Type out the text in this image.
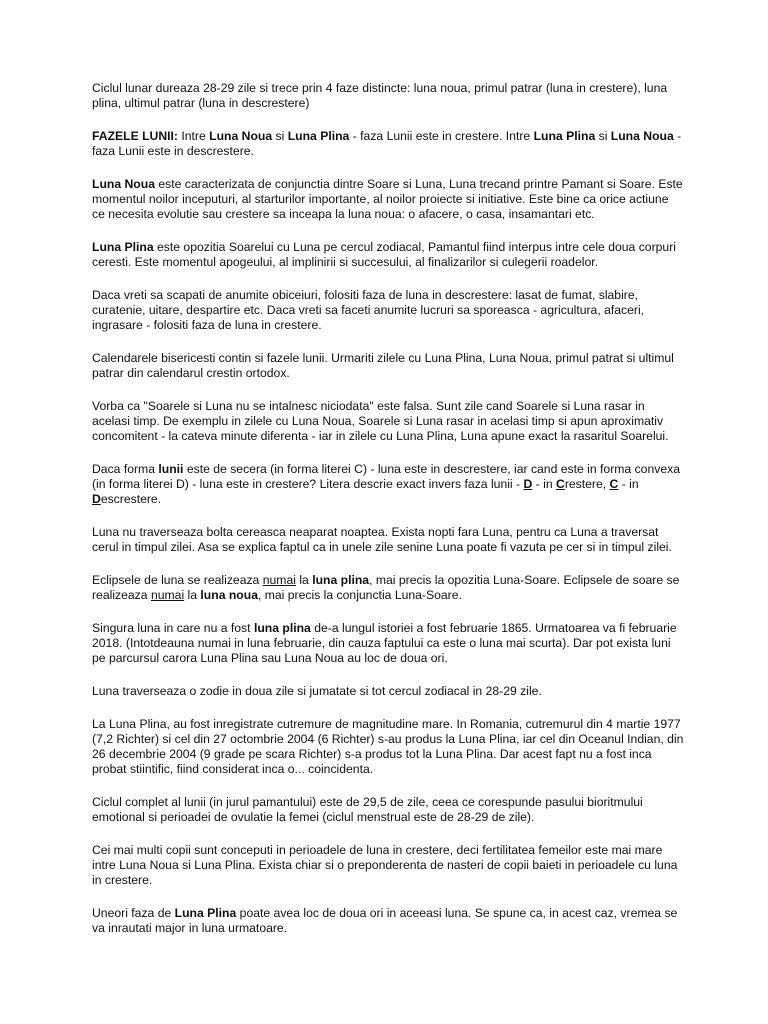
Ciclul lunar dureaza 28-29 zile si trece prin 4 faze distincte: luna noua, primul patrar (luna in crestere), luna plina, ultimul patrar (luna in descrestere)

FAZELE LUNII: Intre Luna Noua si Luna Plina - faza Lunii este in crestere. Intre Luna Plina si Luna Noua - faza Lunii este in descrestere.

Luna Noua este caracterizata de conjunctia dintre Soare si Luna, Luna trecand printre Pamant si Soare. Este momentul noilor inceputuri, al starturilor importante, al noilor proiecte si initiative. Este bine ca orice actiune ce necesita evolutie sau crestere sa inceapa la luna noua: o afacere, o casa, insamantari etc.

Luna Plina este opozitia Soarelui cu Luna pe cercul zodiacal, Pamantul fiind interpus intre cele doua corpuri ceresti. Este momentul apogeului, al implinirii si succesului, al finalizarilor si culegerii roadelor.

Daca vreti sa scapati de anumite obiceiuri, folositi faza de luna in descrestere: lasat de fumat, slabire, curatenie, uitare, despartire etc. Daca vreti sa faceti anumite lucruri sa sporeasca - agricultura, afaceri, ingrasare - folositi faza de luna in crestere.

Calendarele bisericesti contin si fazele lunii. Urmariti zilele cu Luna Plina, Luna Noua, primul patrat si ultimul patrar din calendarul crestin ortodox.

Vorba ca "Soarele si Luna nu se intalnesc niciodata" este falsa. Sunt zile cand Soarele si Luna rasar in acelasi timp. De exemplu in zilele cu Luna Noua, Soarele si Luna rasar in acelasi timp si apun aproximativ concomitent - la cateva minute diferenta - iar in zilele cu Luna Plina, Luna apune exact la rasaritul Soarelui.

Daca forma lunii este de secera (in forma literei C) - luna este in descrestere, iar cand este in forma convexa (in forma literei D) - luna este in crestere? Litera descrie exact invers faza lunii - D - in Crestere, C - in Descrestere.

Luna nu traverseaza bolta cereasca neaparat noaptea. Exista nopti fara Luna, pentru ca Luna a traversat cerul in timpul zilei. Asa se explica faptul ca in unele zile senine Luna poate fi vazuta pe cer si in timpul zilei.

Eclipsele de luna se realizeaza numai la luna plina, mai precis la opozitia Luna-Soare. Eclipsele de soare se realizeaza numai la luna noua, mai precis la conjunctia Luna-Soare.

Singura luna in care nu a fost luna plina de-a lungul istoriei a fost februarie 1865. Urmatoarea va fi februarie 2018. (Intotdeauna numai in luna februarie, din cauza faptului ca este o luna mai scurta). Dar pot exista luni pe parcursul carora Luna Plina sau Luna Noua au loc de doua ori.

Luna traverseaza o zodie in doua zile si jumatate si tot cercul zodiacal in 28-29 zile.

La Luna Plina, au fost inregistrate cutremure de magnitudine mare. In Romania, cutremurul din 4 martie 1977 (7,2 Richter) si cel din 27 octombrie 2004 (6 Richter) s-au produs la Luna Plina, iar cel din Oceanul Indian, din 26 decembrie 2004 (9 grade pe scara Richter) s-a produs tot la Luna Plina. Dar acest fapt nu a fost inca probat stiintific, fiind considerat inca o... coincidenta.

Ciclul complet al lunii (in jurul pamantului) este de 29,5 de zile, ceea ce corespunde pasului bioritmului emotional si perioadei de ovulatie la femei (ciclul menstrual este de 28-29 de zile).

Cei mai multi copii sunt conceputi in perioadele de luna in crestere, deci fertilitatea femeilor este mai mare intre Luna Noua si Luna Plina. Exista chiar si o preponderenta de nasteri de copii baieti in perioadele cu luna in crestere.

Uneori faza de Luna Plina poate avea loc de doua ori in aceeasi luna. Se spune ca, in acest caz, vremea se va inrautati major in luna urmatoare.
